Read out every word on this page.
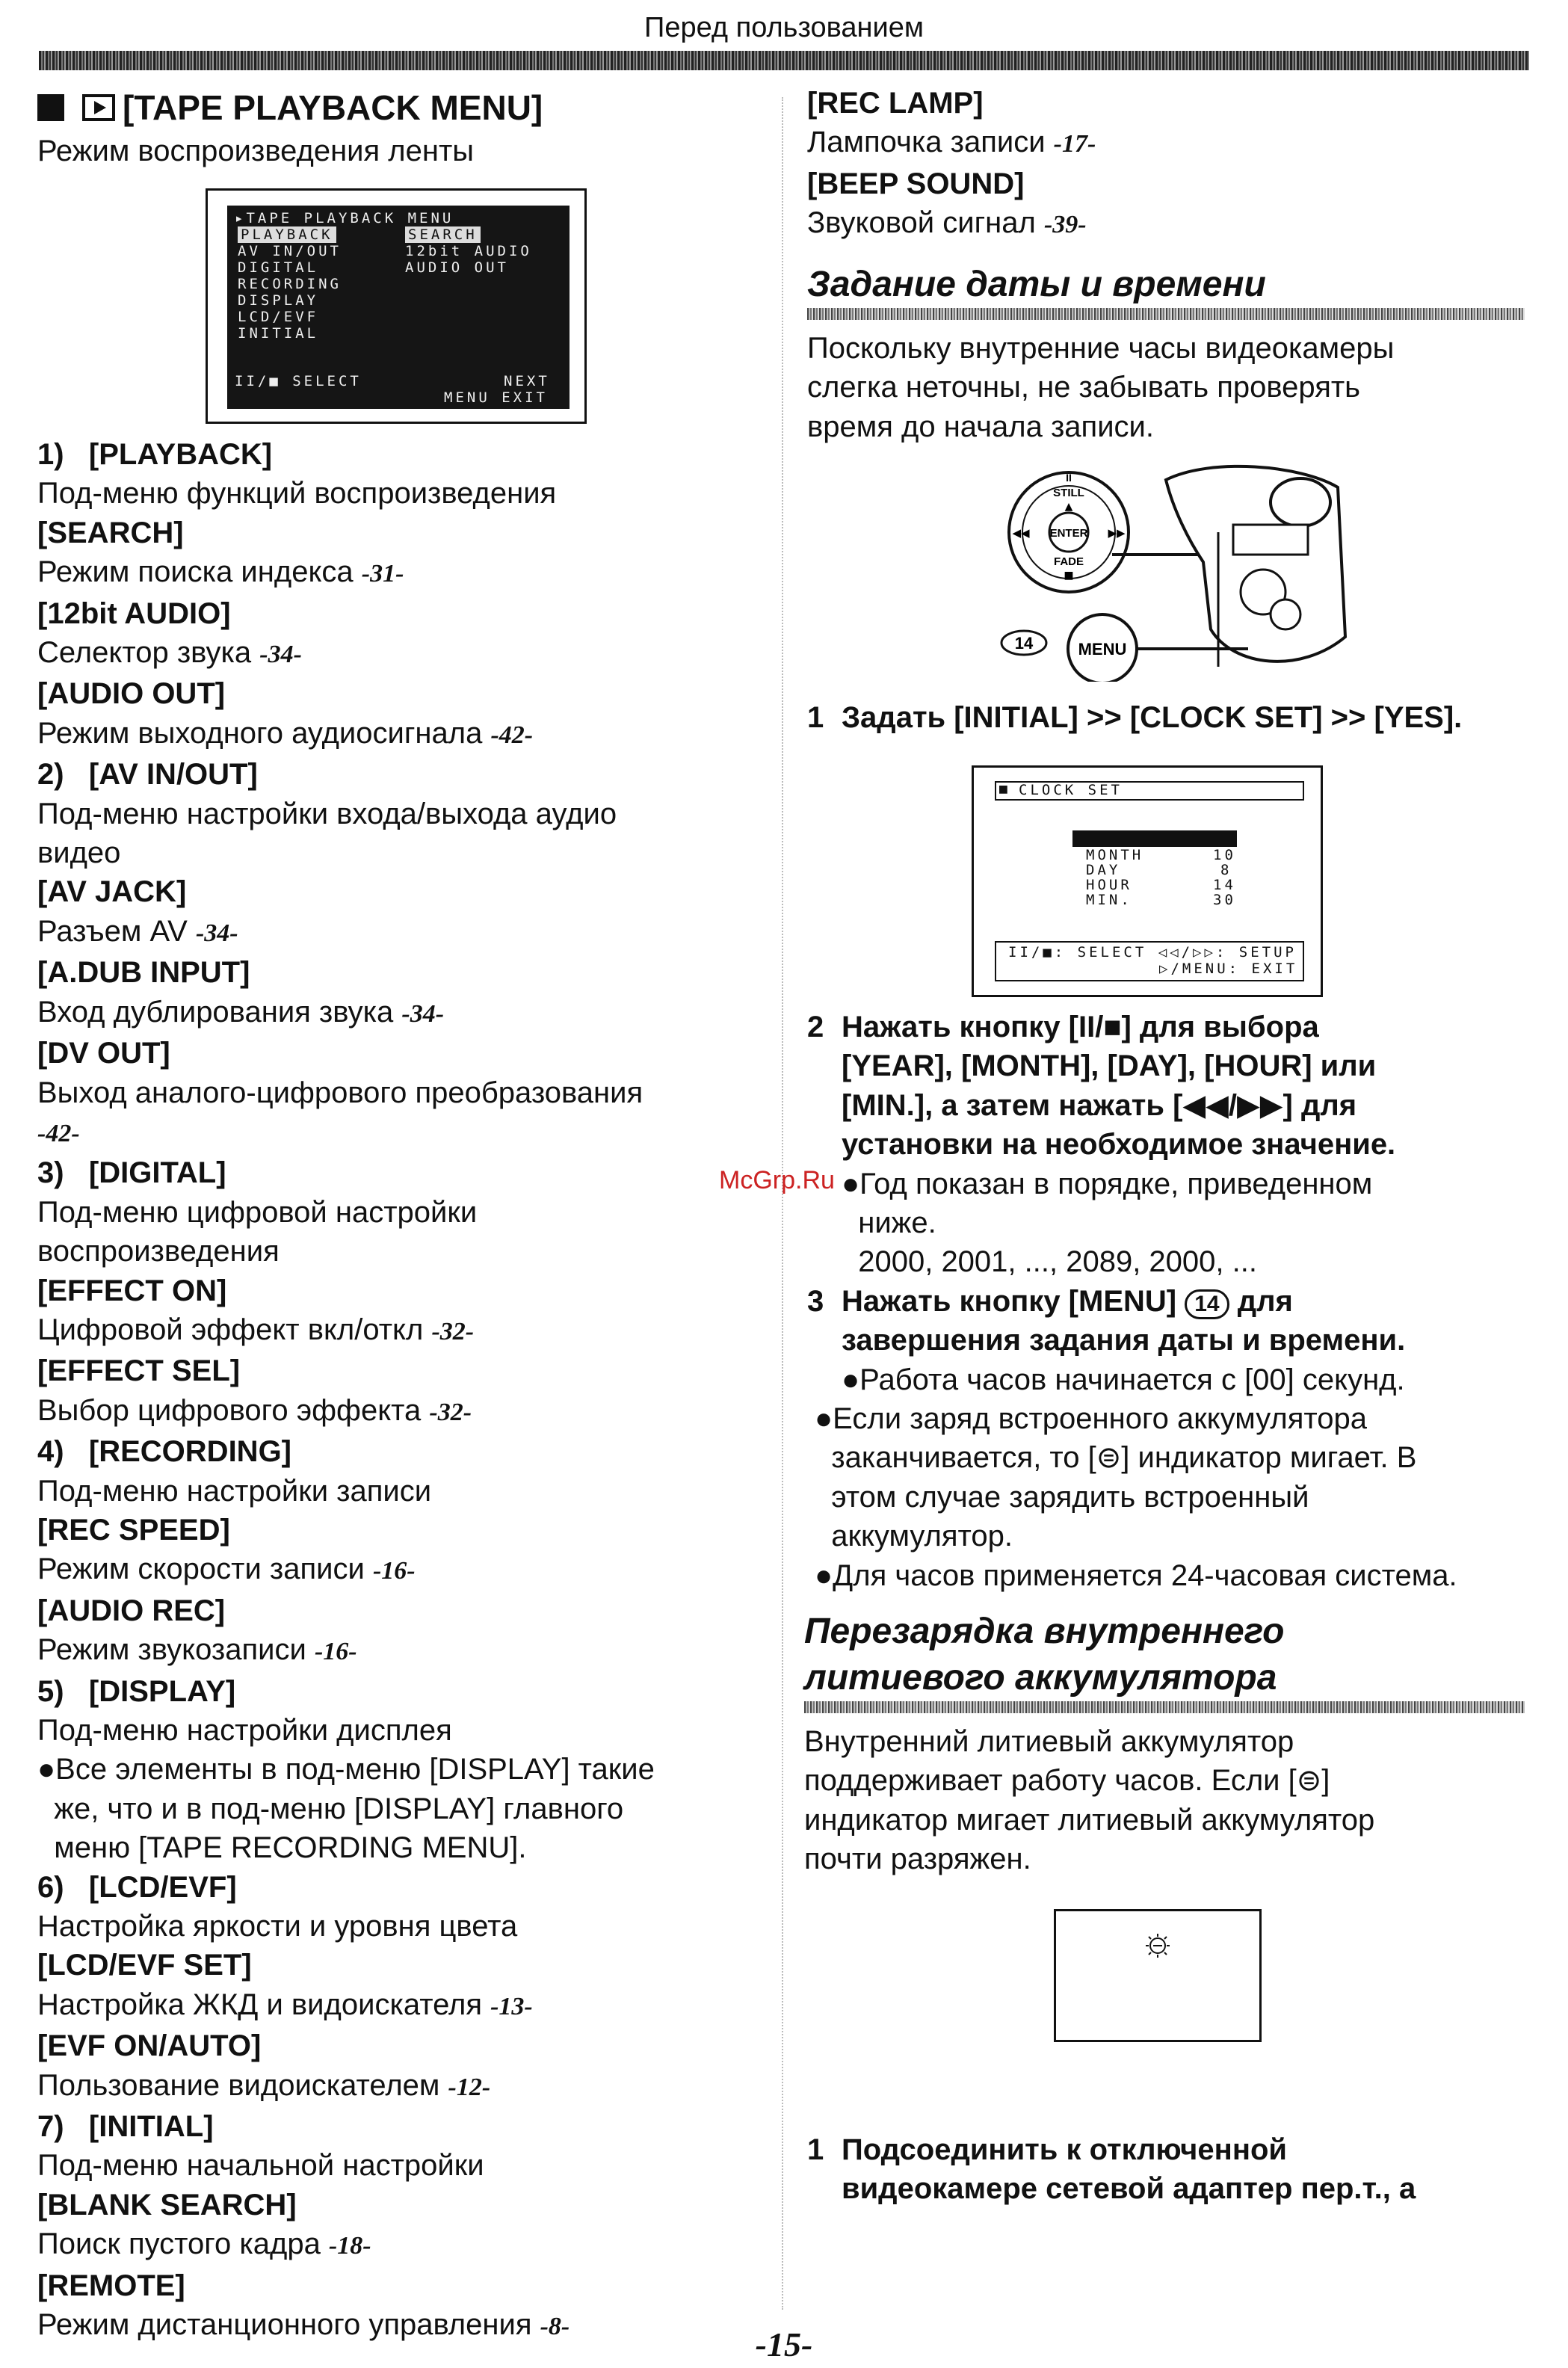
Перед пользованием
[TAPE PLAYBACK MENU]
Режим воспроизведения ленты
▸TAPE PLAYBACK MENU
PLAYBACK
AV IN/OUT
DIGITAL
RECORDING
DISPLAY
LCD/EVF
INITIAL
SEARCH
12bit AUDIO
AUDIO OUT
II/■ SELECT	NEXT
MENU EXIT
1)   [PLAYBACK]
Под-меню функций воспроизведения
[SEARCH]
Режим поиска индекса -31-
[12bit AUDIO]
Селектор звука -34-
[AUDIO OUT]
Режим выходного аудиосигнала -42-
2)   [AV IN/OUT]
Под-меню настройки входа/выхода аудио
видео
[AV JACK]
Разъем AV -34-
[A.DUB INPUT]
Вход дублирования звука -34-
[DV OUT]
Выход аналого-цифрового преобразования
-42-
3)   [DIGITAL]
Под-меню цифровой настройки
воспроизведения
[EFFECT ON]
Цифровой эффект вкл/откл -32-
[EFFECT SEL]
Выбор цифрового эффекта -32-
4)   [RECORDING]
Под-меню настройки записи
[REC SPEED]
Режим скорости записи -16-
[AUDIO REC]
Режим звукозаписи -16-
5)   [DISPLAY]
Под-меню настройки дисплея
●Все элементы в под-меню [DISPLAY] такие
же, что и в под-меню [DISPLAY] главного
меню [TAPE RECORDING MENU].
6)   [LCD/EVF]
Настройка яркости и уровня цвета
[LCD/EVF SET]
Настройка ЖКД и видоискателя -13-
[EVF ON/AUTO]
Пользование видоискателем -12-
7)   [INITIAL]
Под-меню начальной настройки
[BLANK SEARCH]
Поиск пустого кадра -18-
[REMOTE]
Режим дистанционного управления -8-
[REC LAMP]
Лампочка записи -17-
[BEEP SOUND]
Звуковой сигнал -39-
Задание даты и времени
Поскольку внутренние часы видеокамеры
слегка неточны, не забывать проверять
время до начала записи.
ENTER
II
STILL
▲
FADE
■
◀◀	▶▶
14	MENU
1 Задать [INITIAL] >> [CLOCK SET] >> [YES].
■ CLOCK SET
MONTH	10
DAY	8
HOUR	14
MIN.	30
II/■: SELECT ◁◁/▷▷: SETUP
▷/MENU: EXIT
2 Нажать кнопку [II/■] для выбора
[YEAR], [MONTH], [DAY], [HOUR] или
[MIN.], а затем нажать [◀◀/▶▶] для
установки на необходимое значение.
●Год показан в порядке, приведенном
ниже.
2000, 2001, ..., 2089, 2000, ...
3 Нажать кнопку [MENU] 14 для
завершения задания даты и времени.
●Работа часов начинается с [00] секунд.
●Если заряд встроенного аккумулятора
заканчивается, то [⊜] индикатор мигает. В
этом случае зарядить встроенный
аккумулятор.
●Для часов применяется 24-часовая система.
Перезарядка внутреннего
литиевого аккумулятора
Внутренний литиевый аккумулятор
поддерживает работу часов. Если [⊜]
индикатор мигает литиевый аккумулятор
почти разряжен.
1 Подсоединить к отключенной
видеокамере сетевой адаптер пер.т., а
McGrp.Ru
-15-
